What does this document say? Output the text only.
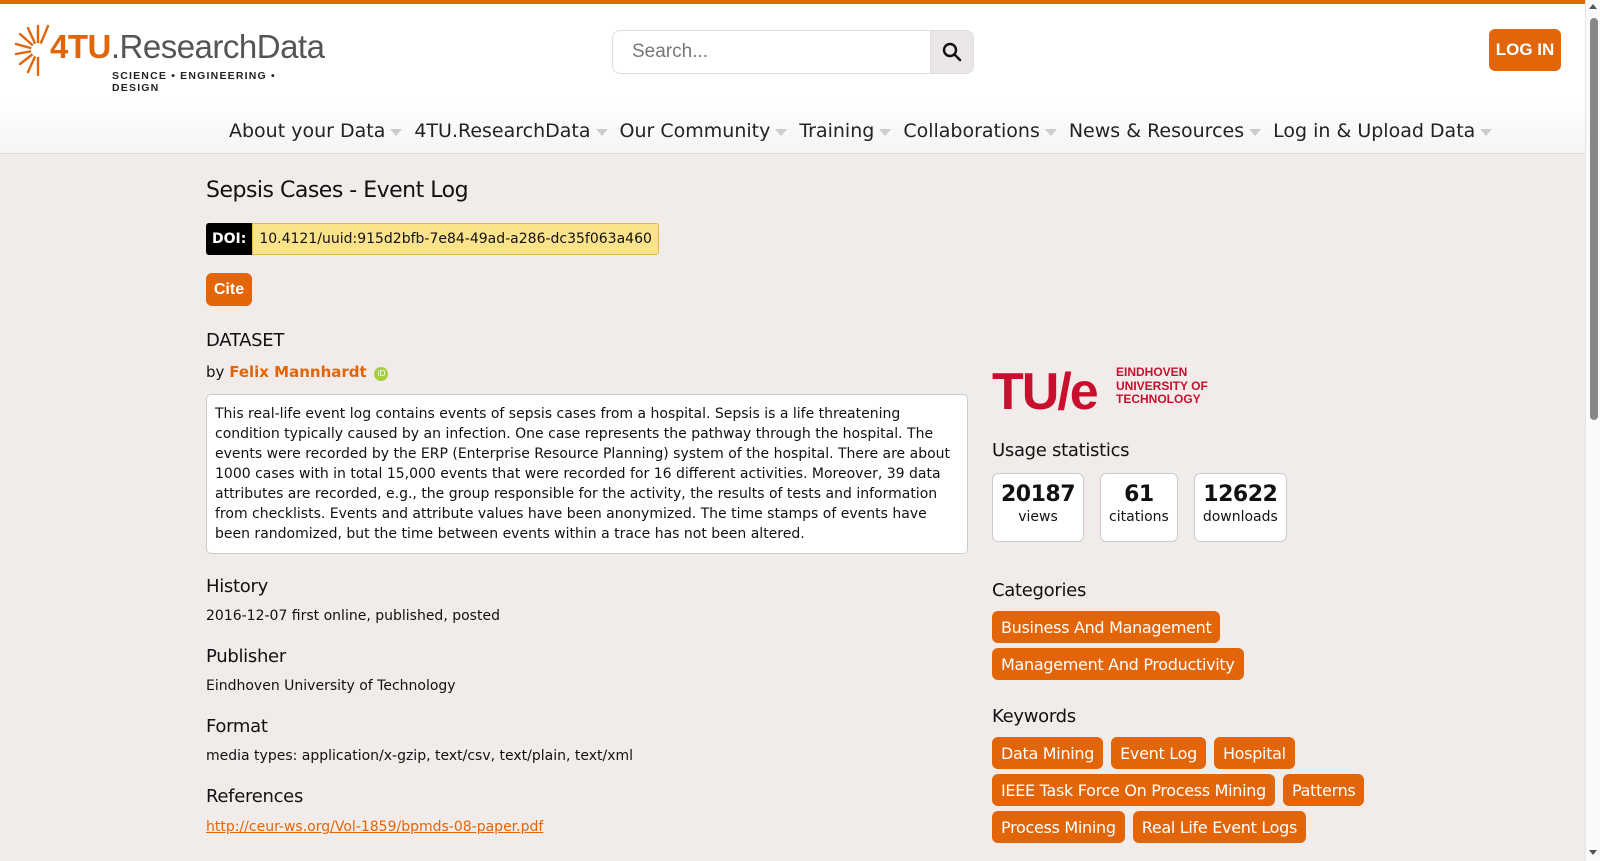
4TU.ResearchData
SCIENCE • ENGINEERING • DESIGN
Search...
LOG IN
About your Data 4TU.ResearchData Our Community Training Collaborations News & Resources Log in & Upload Data
Sepsis Cases - Event Log
DOI: 10.4121/uuid:915d2bfb-7e84-49ad-a286-dc35f063a460
Cite
DATASET
by Felix Mannhardt iD
This real-life event log contains events of sepsis cases from a hospital. Sepsis is a life threatening condition typically caused by an infection. One case represents the pathway through the hospital. The events were recorded by the ERP (Enterprise Resource Planning) system of the hospital. There are about 1000 cases with in total 15,000 events that were recorded for 16 different activities. Moreover, 39 data attributes are recorded, e.g., the group responsible for the activity, the results of tests and information from checklists. Events and attribute values have been anonymized. The time stamps of events have been randomized, but the time between events within a trace has not been altered.
History
2016-12-07 first online, published, posted
Publisher
Eindhoven University of Technology
Format
media types: application/x-gzip, text/csv, text/plain, text/xml
References
http://ceur-ws.org/Vol-1859/bpmds-08-paper.pdf
TU/e EINDHOVEN
UNIVERSITY OF
TECHNOLOGY
Usage statistics
20187
views
61
citations
12622
downloads
Categories
Business And Management
Management And Productivity
Keywords
Data Mining	Event Log	Hospital
IEEE Task Force On Process Mining	Patterns
Process Mining	Real Life Event Logs
